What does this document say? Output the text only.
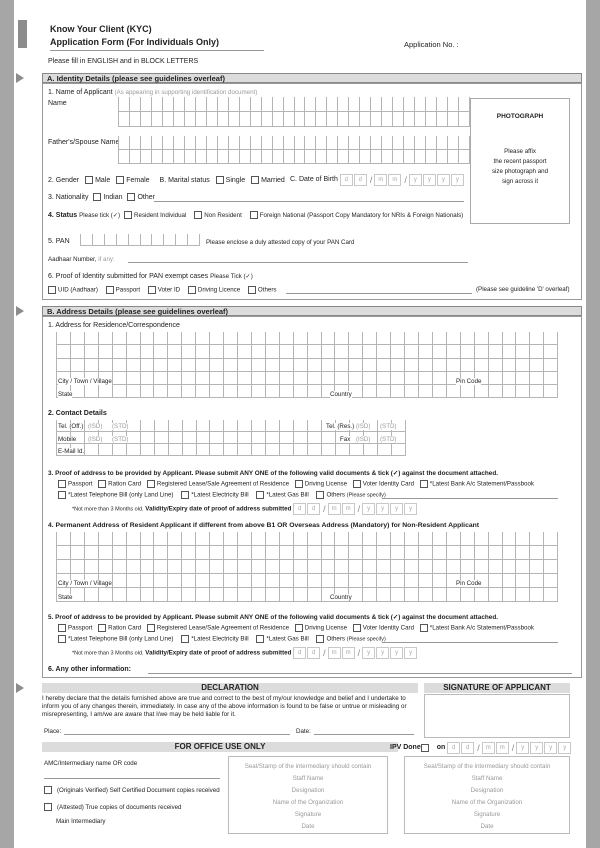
Know Your Client (KYC)
Application Form (For Individuals Only)	Application No. :
Please fill in ENGLISH and in BLOCK LETTERS
A. Identity Details (please see guidelines overleaf)
1. Name of Applicant (As appearing in supporting identification document)
Name
Father's/Spouse Name
PHOTOGRAPH
Please affix
the recent passport
size photograph and
sign across it
2. Gender Male Female B. Marital status Single Married C. Date of Birth d d / m m / y y y y
3. Nationality Indian Other
4. Status Please tick (✓) Resident Individual	Non Resident	Foreign National (Passport Copy Mandatory for NRIs & Foreign Nationals)
5. PAN	Please enclose a duly attested copy of your PAN Card
Aadhaar Number, if any:
6. Proof of Identity submitted for PAN exempt cases Please Tick (✓)
UID (Aadhaar)	Passport	Voter ID	Driving Licence	Others	(Please see guideline 'D' overleaf)
B. Address Details (please see guidelines overleaf)
1. Address for Residence/Correspondence
City / Town / Village	Pin Code
State	Country
2. Contact Details
Tel. (Off.) (ISD) (STD)	Tel. (Res.) (ISD) (STD)
Mobile (ISD) (STD)	Fax (ISD) (STD)
E-Mail Id.
3. Proof of address to be provided by Applicant. Please submit ANY ONE of the following valid documents & tick (✓) against the document attached.
Passport	Ration Card	Registered Lease/Sale Agreement of Residence	Driving License	Voter Identity Card	*Latest Bank A/c Statement/Passbook
*Latest Telephone Bill (only Land Line)	*Latest Electricity Bill	*Latest Gas Bill	Others (Please specify)
*Not more than 3 Months old. Validity/Expiry date of proof of address submitted d d / m m / y y y y
4. Permanent Address of Resident Applicant if different from above B1 OR Overseas Address (Mandatory) for Non-Resident Applicant
City / Town / Village	Pin Code
State	Country
5. Proof of address to be provided by Applicant. Please submit ANY ONE of the following valid documents & tick (✓) against the document attached.
Passport	Ration Card	Registered Lease/Sale Agreement of Residence	Driving License	Voter Identity Card	*Latest Bank A/c Statement/Passbook
*Latest Telephone Bill (only Land Line)	*Latest Electricity Bill	*Latest Gas Bill	Others (Please specify)
*Not more than 3 Months old. Validity/Expiry date of proof of address submitted d d / m m / y y y y
6. Any other information:
DECLARATION
I hereby declare that the details furnished above are true and correct to the best of my/our knowledge and belief and I undertake to inform you of any changes therein, immediately. In case any of the above information is found to be false or untrue or misleading or misrepresenting, I am/we are aware that I/we may be held liable for it.
Place:	Date:
SIGNATURE OF APPLICANT
FOR OFFICE USE ONLY	IPV Done on d d / m m / y y y y
AMC/Intermediary name OR code
(Originals Verified) Self Certified Document copies received
(Attested) True copies of documents received
Main Intermediary
Seal/Stamp of the intermediary should contain
Staff Name
Designation
Name of the Organization
Signature
Date
Seal/Stamp of the intermediary should contain
Staff Name
Designation
Name of the Organization
Signature
Date
